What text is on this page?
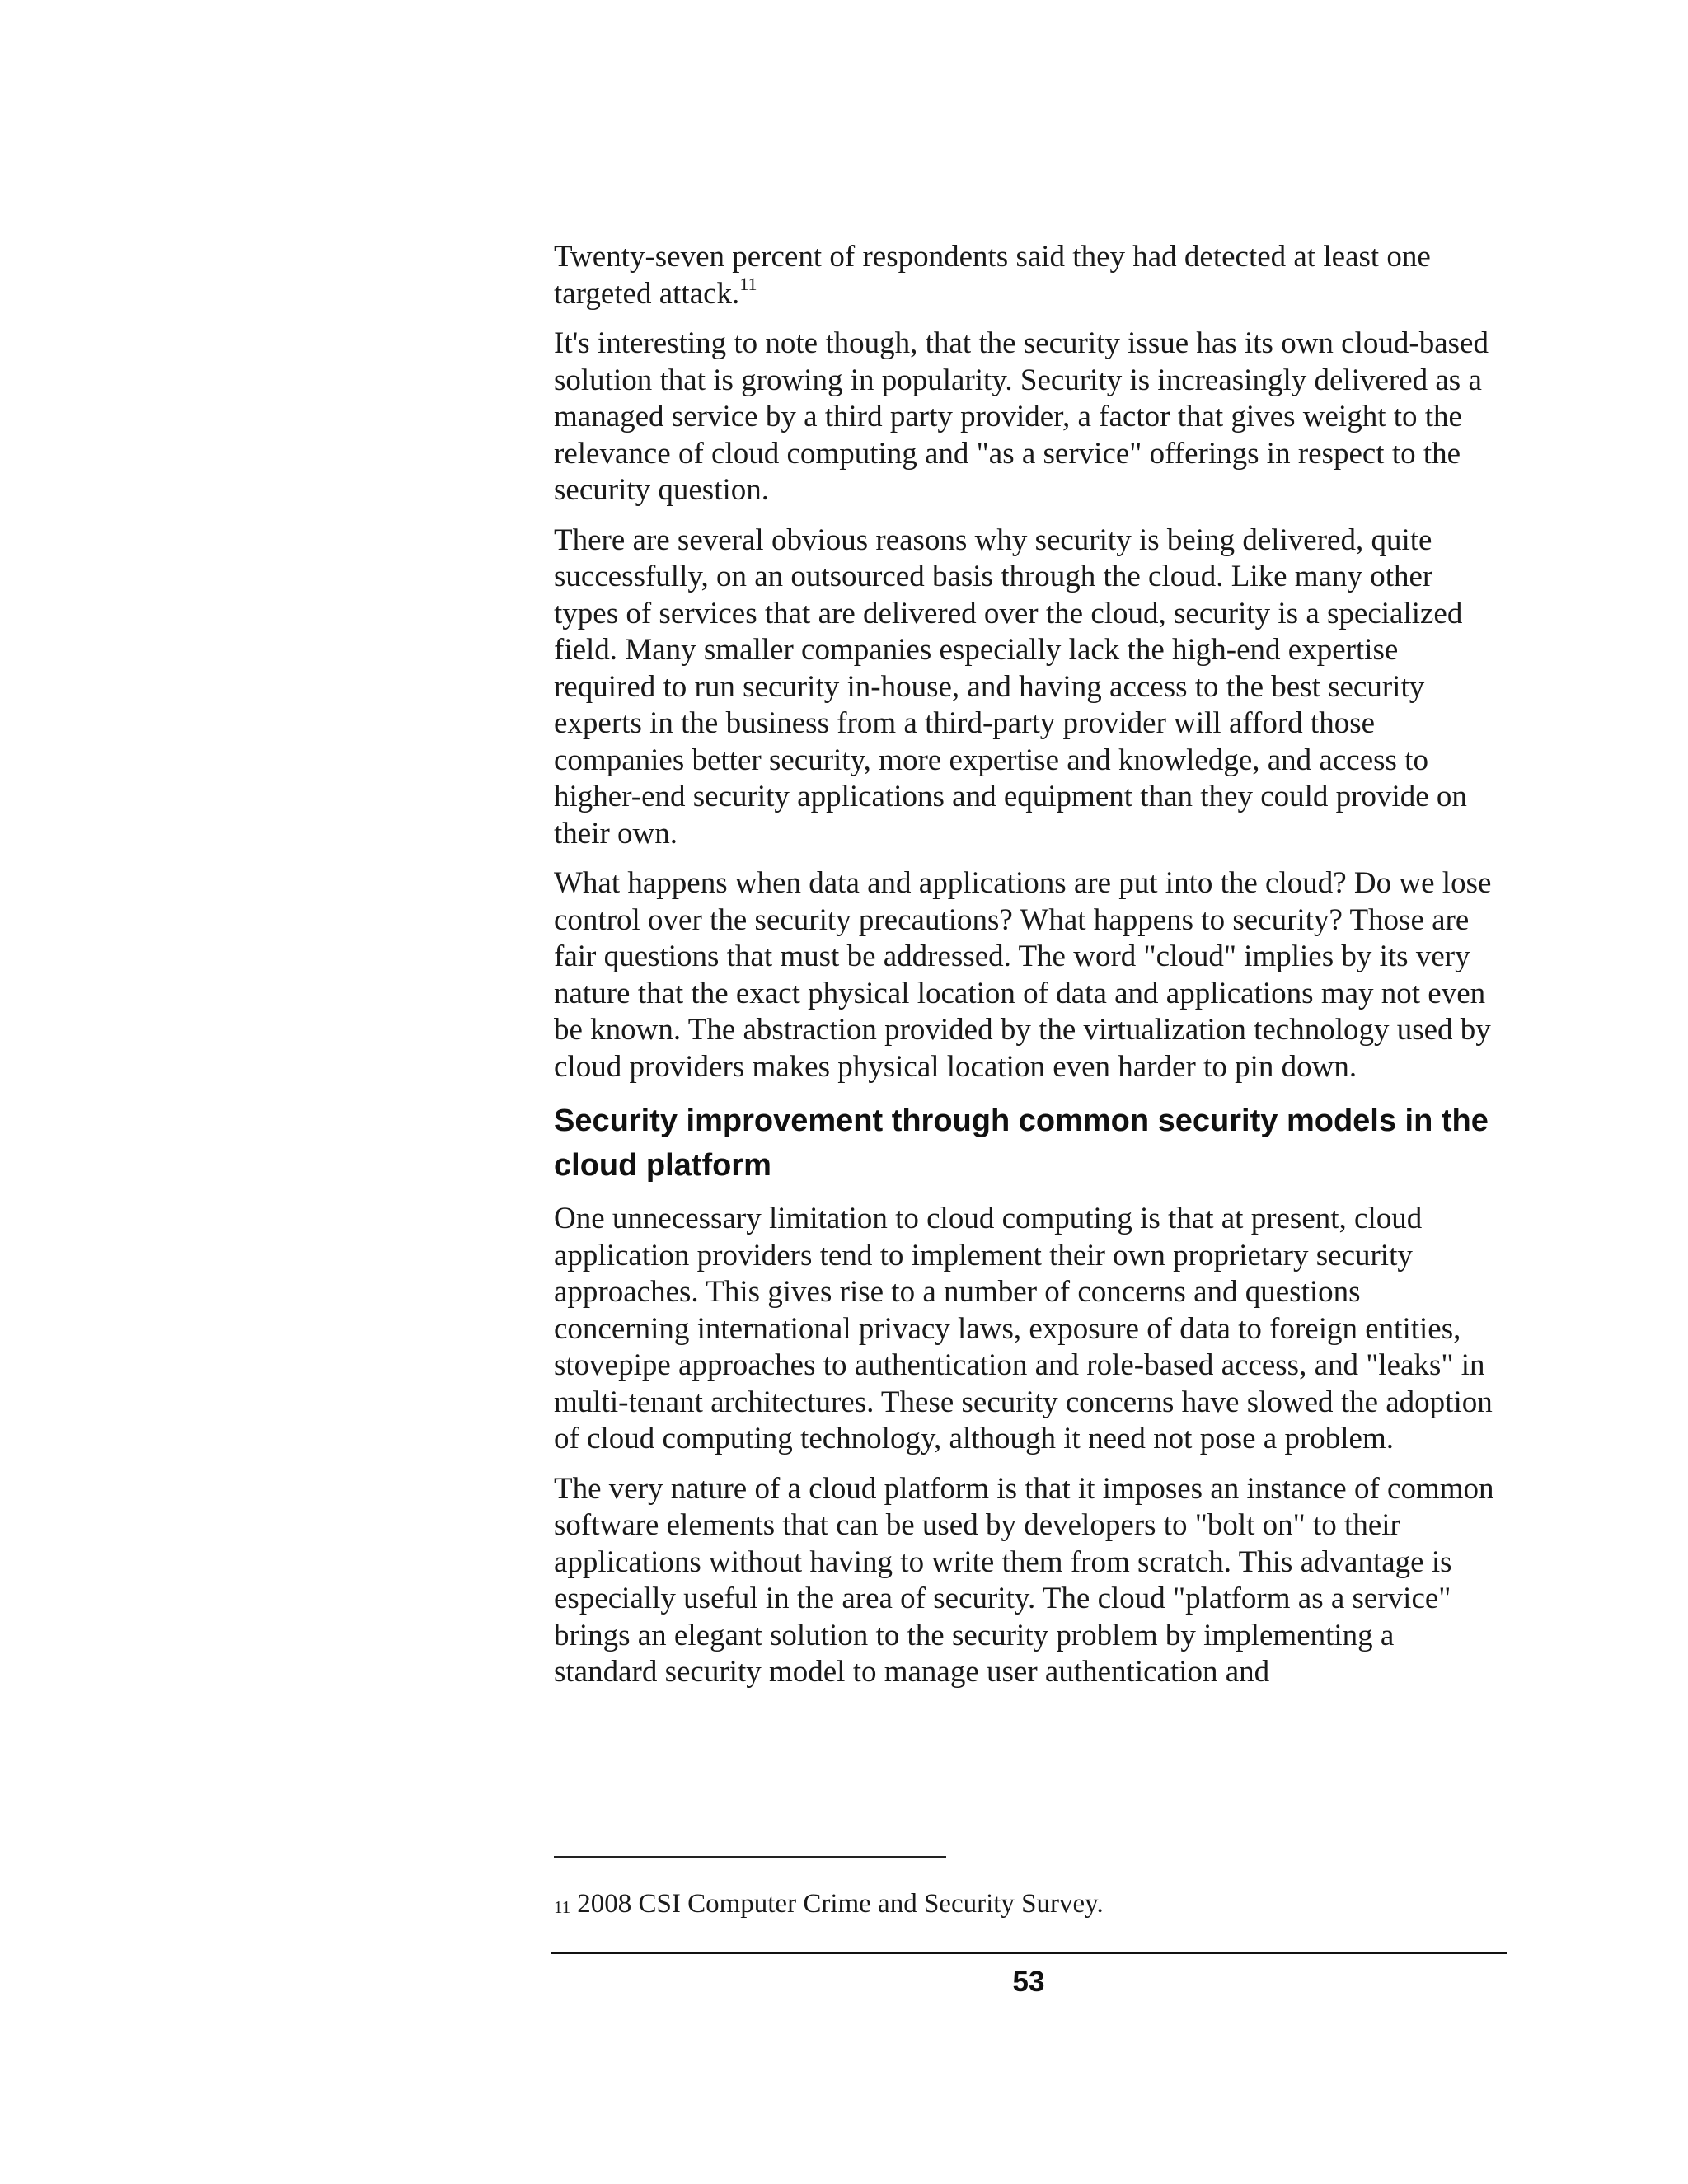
Twenty-seven percent of respondents said they had detected at least one targeted attack.$^{11}$

It's interesting to note though, that the security issue has its own cloud-based solution that is growing in popularity. Security is increasingly delivered as a managed service by a third party provider, a factor that gives weight to the relevance of cloud computing and "as a service" offerings in respect to the security question.

There are several obvious reasons why security is being delivered, quite successfully, on an outsourced basis through the cloud. Like many other types of services that are delivered over the cloud, security is a specialized field. Many smaller companies especially lack the high-end expertise required to run security in-house, and having access to the best security experts in the business from a third-party provider will afford those companies better security, more expertise and knowledge, and access to higher-end security applications and equipment than they could provide on their own.

What happens when data and applications are put into the cloud? Do we lose control over the security precautions? What happens to security? Those are fair questions that must be addressed. The word "cloud" implies by its very nature that the exact physical location of data and applications may not even be known. The abstraction provided by the virtualization technology used by cloud providers makes physical location even harder to pin down.

Security improvement through common security models in the cloud platform

One unnecessary limitation to cloud computing is that at present, cloud application providers tend to implement their own proprietary security approaches. This gives rise to a number of concerns and questions concerning international privacy laws, exposure of data to foreign entities, stovepipe approaches to authentication and role-based access, and "leaks" in multi-tenant architectures. These security concerns have slowed the adoption of cloud computing technology, although it need not pose a problem.

The very nature of a cloud platform is that it imposes an instance of common software elements that can be used by developers to "bolt on" to their applications without having to write them from scratch. This advantage is especially useful in the area of security. The cloud "platform as a service" brings an elegant solution to the security problem by implementing a standard security model to manage user authentication and

$^{11}$ 2008 CSI Computer Crime and Security Survey.
53
